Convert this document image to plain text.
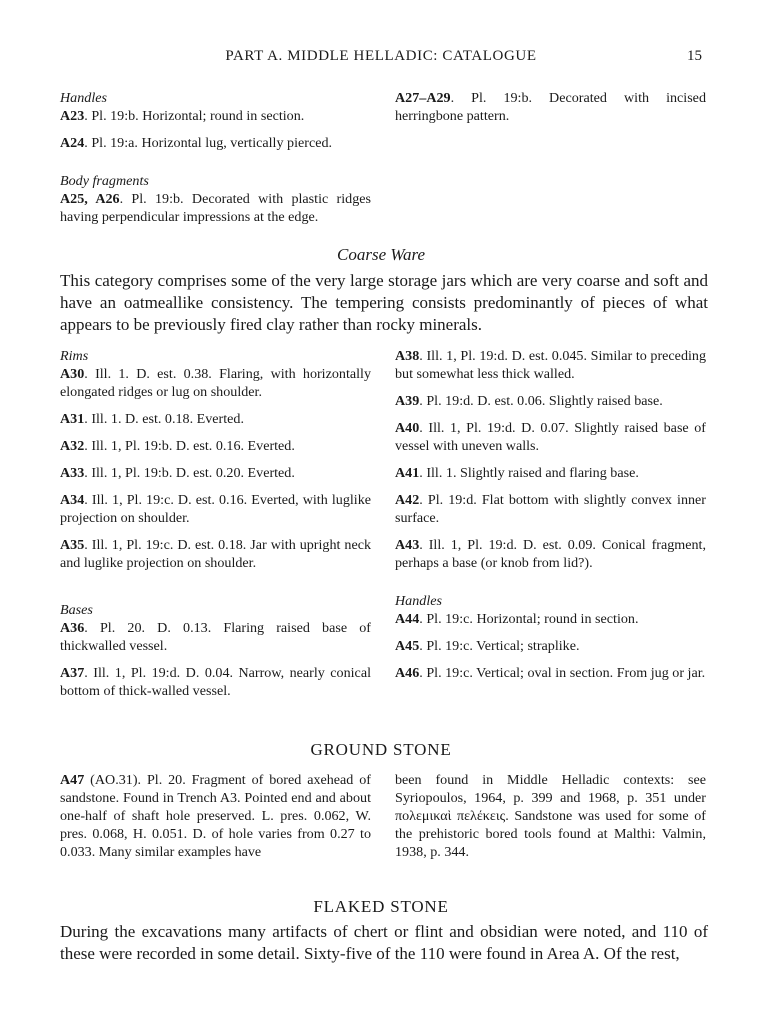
PART A. MIDDLE HELLADIC: CATALOGUE	15

Handles

A23. Pl. 19:b. Horizontal; round in section.

A24. Pl. 19:a. Horizontal lug, vertically pierced.

Body fragments

A25, A26. Pl. 19:b. Decorated with plastic ridges having perpendicular impressions at the edge.

A27–A29. Pl. 19:b. Decorated with incised herringbone pattern.

Coarse Ware

This category comprises some of the very large storage jars which are very coarse and soft and have an oatmeallike consistency. The tempering consists predominantly of pieces of what appears to be previously fired clay rather than rocky minerals.

Rims

A30. Ill. 1. D. est. 0.38. Flaring, with horizontally elongated ridges or lug on shoulder.

A31. Ill. 1. D. est. 0.18. Everted.

A32. Ill. 1, Pl. 19:b. D. est. 0.16. Everted.

A33. Ill. 1, Pl. 19:b. D. est. 0.20. Everted.

A34. Ill. 1, Pl. 19:c. D. est. 0.16. Everted, with luglike projection on shoulder.

A35. Ill. 1, Pl. 19:c. D. est. 0.18. Jar with upright neck and luglike projection on shoulder.

Bases

A36. Pl. 20. D. 0.13. Flaring raised base of thickwalled vessel.

A37. Ill. 1, Pl. 19:d. D. 0.04. Narrow, nearly conical bottom of thick-walled vessel.

A38. Ill. 1, Pl. 19:d. D. est. 0.045. Similar to preceding but somewhat less thick walled.

A39. Pl. 19:d. D. est. 0.06. Slightly raised base.

A40. Ill. 1, Pl. 19:d. D. 0.07. Slightly raised base of vessel with uneven walls.

A41. Ill. 1. Slightly raised and flaring base.

A42. Pl. 19:d. Flat bottom with slightly convex inner surface.

A43. Ill. 1, Pl. 19:d. D. est. 0.09. Conical fragment, perhaps a base (or knob from lid?).

Handles

A44. Pl. 19:c. Horizontal; round in section.

A45. Pl. 19:c. Vertical; straplike.

A46. Pl. 19:c. Vertical; oval in section. From jug or jar.

GROUND STONE

A47 (AO.31). Pl. 20. Fragment of bored axehead of sandstone. Found in Trench A3. Pointed end and about one-half of shaft hole preserved. L. pres. 0.062, W. pres. 0.068, H. 0.051. D. of hole varies from 0.27 to 0.033. Many similar examples have

been found in Middle Helladic contexts: see Syriopoulos, 1964, p. 399 and 1968, p. 351 under πολεμικαὶ πελέκεις. Sandstone was used for some of the prehistoric bored tools found at Malthi: Valmin, 1938, p. 344.

FLAKED STONE

During the excavations many artifacts of chert or flint and obsidian were noted, and 110 of these were recorded in some detail. Sixty-five of the 110 were found in Area A. Of the rest,
